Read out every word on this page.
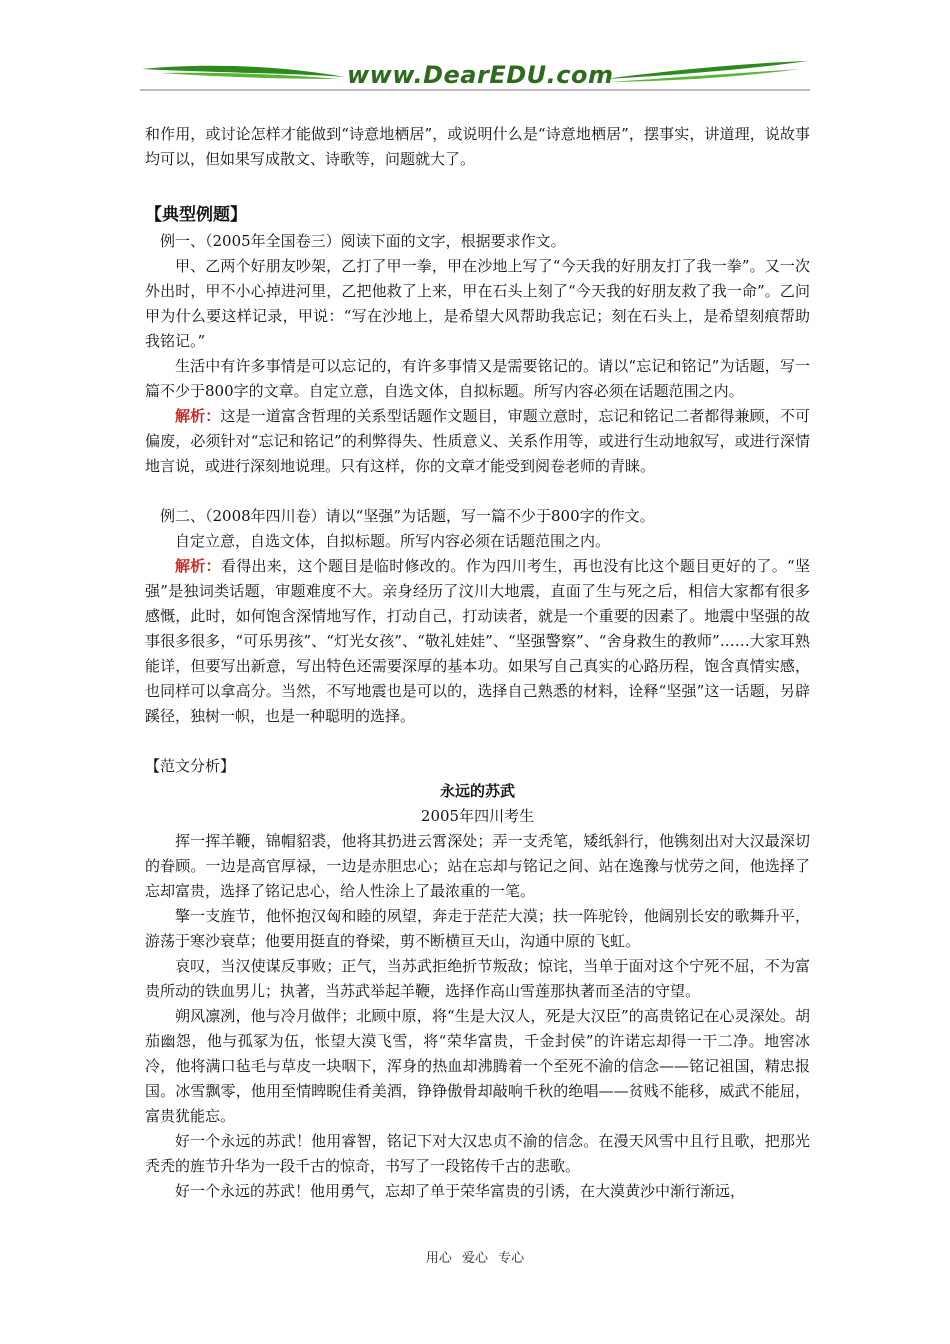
www.DearEDU.com

和作用，或讨论怎样才能做到“诗意地栖居”，或说明什么是“诗意地栖居”，摆事实，讲道理，说故事均可以，但如果写成散文、诗歌等，问题就大了。

【典型例题】

例一、（2005年全国卷三）阅读下面的文字，根据要求作文。

甲、乙两个好朋友吵架，乙打了甲一拳，甲在沙地上写了“今天我的好朋友打了我一拳”。又一次外出时，甲不小心掉进河里，乙把他救了上来，甲在石头上刻了“今天我的好朋友救了我一命”。乙问甲为什么要这样记录，甲说：“写在沙地上，是希望大风帮助我忘记；刻在石头上，是希望刻痕帮助我铭记。”

生活中有许多事情是可以忘记的，有许多事情又是需要铭记的。请以“忘记和铭记”为话题，写一篇不少于800字的文章。自定立意，自选文体，自拟标题。所写内容必须在话题范围之内。

解析：这是一道富含哲理的关系型话题作文题目，审题立意时，忘记和铭记二者都得兼顾，不可偏废，必须针对“忘记和铭记”的利弊得失、性质意义、关系作用等，或进行生动地叙写，或进行深情地言说，或进行深刻地说理。只有这样，你的文章才能受到阅卷老师的青睐。

例二、（2008年四川卷）请以“坚强”为话题，写一篇不少于800字的作文。

自定立意，自选文体，自拟标题。所写内容必须在话题范围之内。

解析：看得出来，这个题目是临时修改的。作为四川考生，再也没有比这个题目更好的了。“坚强”是独词类话题，审题难度不大。亲身经历了汶川大地震，直面了生与死之后，相信大家都有很多感慨，此时，如何饱含深情地写作，打动自己，打动读者，就是一个重要的因素了。地震中坚强的故事很多很多，“可乐男孩”、“灯光女孩”、“敬礼娃娃”、“坚强警察”、“舍身救生的教师”……大家耳熟能详，但要写出新意，写出特色还需要深厚的基本功。如果写自己真实的心路历程，饱含真情实感，也同样可以拿高分。当然，不写地震也是可以的，选择自己熟悉的材料，诠释“坚强”这一话题，另辟蹊径，独树一帜，也是一种聪明的选择。

【范文分析】
永远的苏武
2005年四川考生

挥一挥羊鞭，锦帽貂裘，他将其扔进云霄深处；弄一支秃笔，矮纸斜行，他镌刻出对大汉最深切的眷顾。一边是高官厚禄，一边是赤胆忠心；站在忘却与铭记之间、站在逸豫与忧劳之间，他选择了忘却富贵，选择了铭记忠心，给人性涂上了最浓重的一笔。

擎一支旌节，他怀抱汉匈和睦的夙望，奔走于茫茫大漠；扶一阵驼铃，他阔别长安的歌舞升平，游荡于寒沙衰草；他要用挺直的脊梁，剪不断横亘天山，沟通中原的飞虹。

哀叹，当汉使谋反事败；正气，当苏武拒绝折节叛敌；惊诧，当单于面对这个宁死不屈，不为富贵所动的铁血男儿；执著，当苏武举起羊鞭，选择作高山雪莲那执著而圣洁的守望。

朔风凛冽，他与冷月做伴；北顾中原，将“生是大汉人，死是大汉臣”的高贵铭记在心灵深处。胡茄幽怨，他与孤冢为伍，怅望大漠飞雪，将“荣华富贵，千金封侯”的许诺忘却得一干二净。地窖冰冷，他将满口毡毛与草皮一块咽下，浑身的热血却沸腾着一个至死不渝的信念——铭记祖国，精忠报国。冰雪飘零，他用至情睥睨佳肴美酒，铮铮傲骨却敲响千秋的绝唱——贫贱不能移，威武不能屈，富贵犹能忘。

好一个永远的苏武！他用睿智，铭记下对大汉忠贞不渝的信念。在漫天风雪中且行且歌，把那光秃秃的旌节升华为一段千古的惊奇，书写了一段铭传千古的悲歌。

好一个永远的苏武！他用勇气，忘却了单于荣华富贵的引诱，在大漠黄沙中渐行渐远，

用心 爱心 专心
